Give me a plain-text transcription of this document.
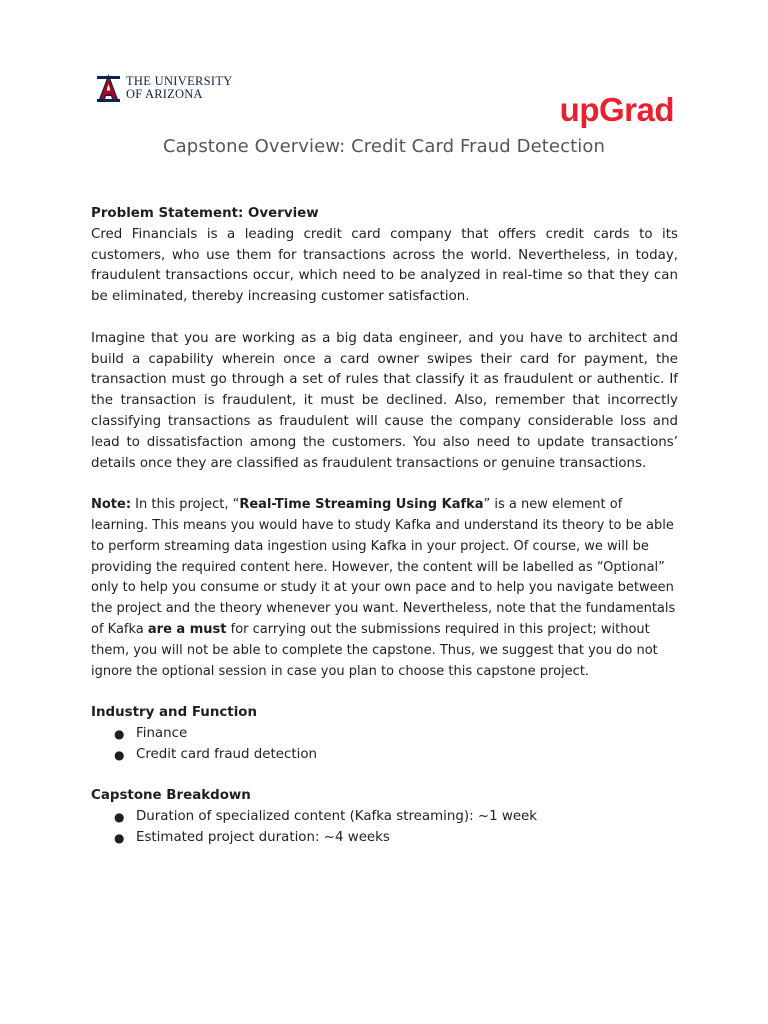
THE UNIVERSITY
OF ARIZONA	upGrad
Capstone Overview: Credit Card Fraud Detection

Problem Statement: Overview

Cred Financials is a leading credit card company that offers credit cards to its customers, who use them for transactions across the world. Nevertheless, in today, fraudulent transactions occur, which need to be analyzed in real-time so that they can be eliminated, thereby increasing customer satisfaction.

Imagine that you are working as a big data engineer, and you have to architect and build a capability wherein once a card owner swipes their card for payment, the transaction must go through a set of rules that classify it as fraudulent or authentic. If the transaction is fraudulent, it must be declined. Also, remember that incorrectly classifying transactions as fraudulent will cause the company considerable loss and lead to dissatisfaction among the customers. You also need to update transactions’ details once they are classified as fraudulent transactions or genuine transactions.

Note: In this project, “Real-Time Streaming Using Kafka” is a new element of learning. This means you would have to study Kafka and understand its theory to be able to perform streaming data ingestion using Kafka in your project. Of course, we will be providing the required content here. However, the content will be labelled as “Optional” only to help you consume or study it at your own pace and to help you navigate between the project and the theory whenever you want. Nevertheless, note that the fundamentals of Kafka are a must for carrying out the submissions required in this project; without them, you will not be able to complete the capstone. Thus, we suggest that you do not ignore the optional session in case you plan to choose this capstone project.

Industry and Function

● Finance
● Credit card fraud detection

Capstone Breakdown

● Duration of specialized content (Kafka streaming): ~1 week
● Estimated project duration: ~4 weeks
